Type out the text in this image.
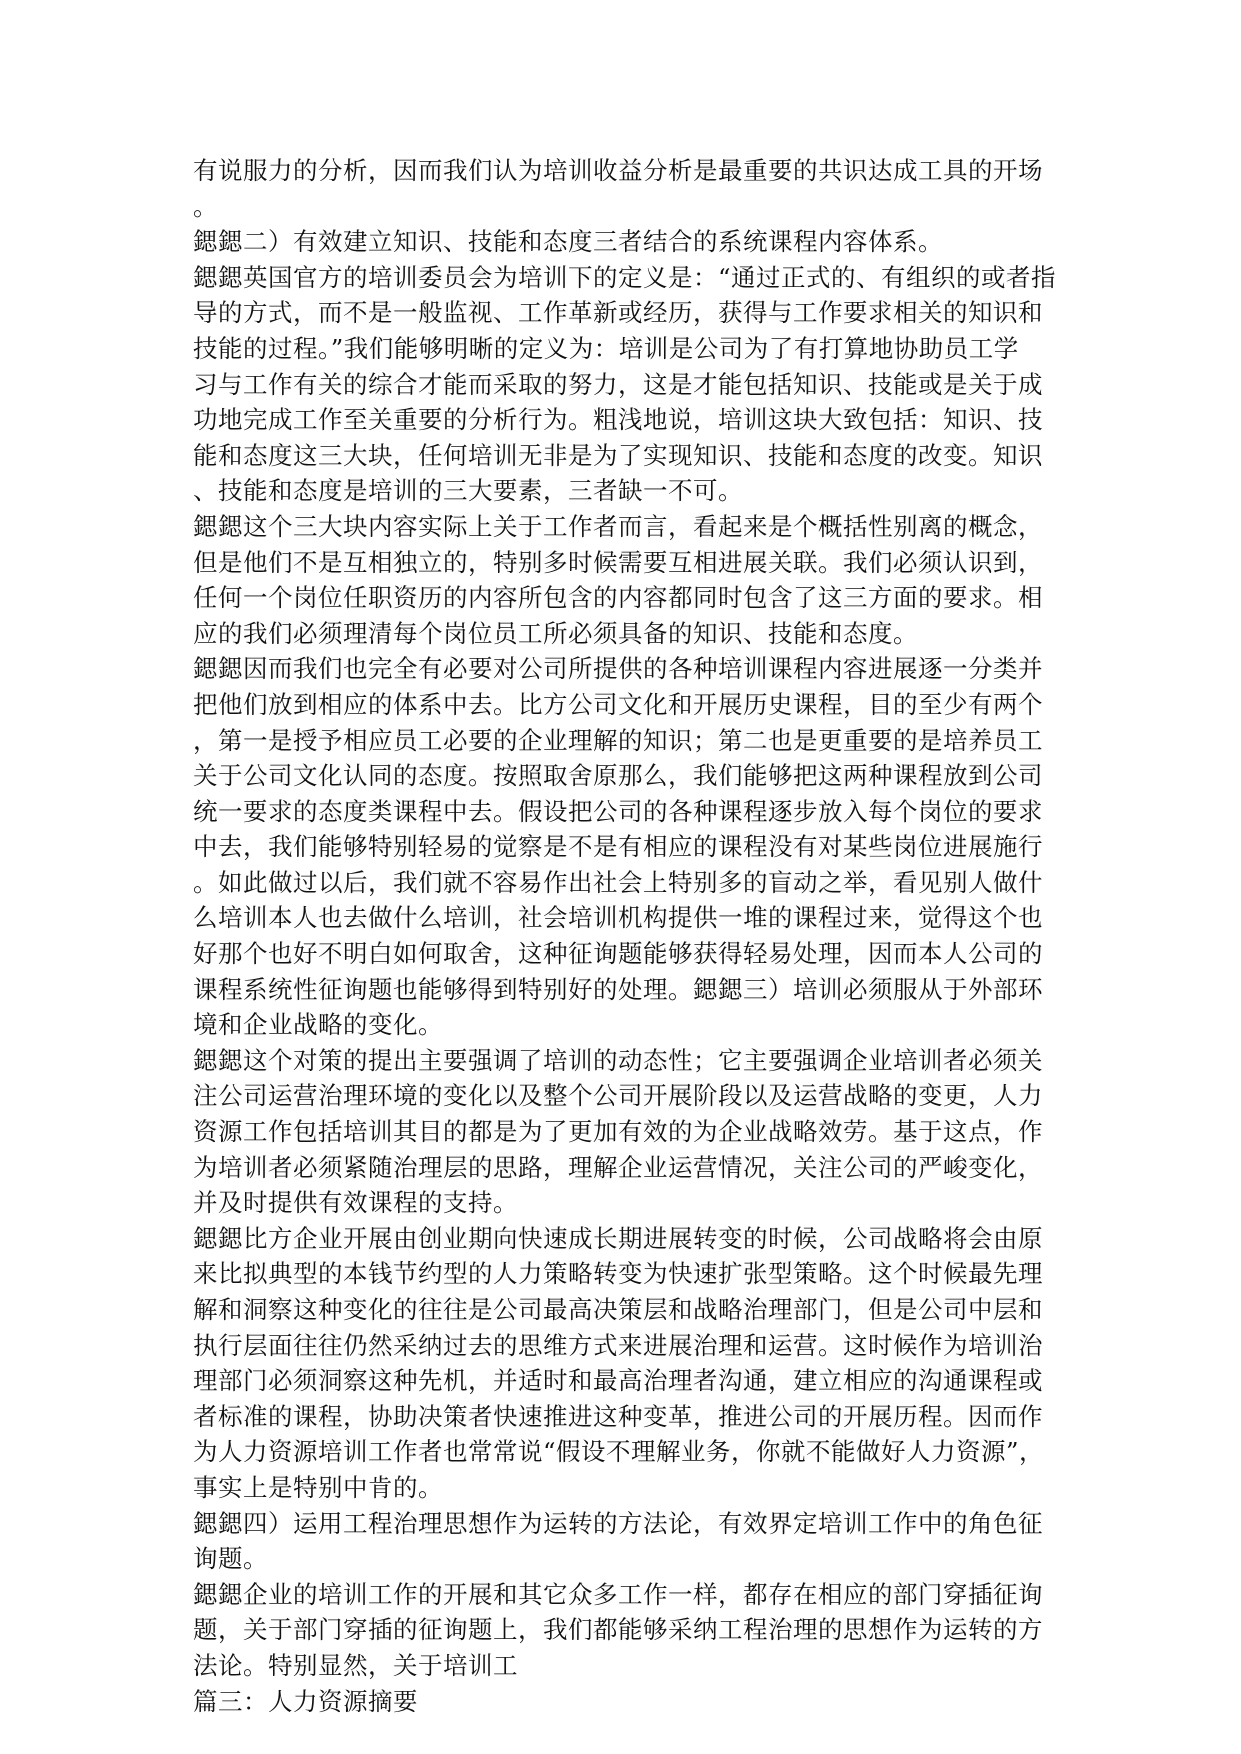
有说服力的分析，因而我们认为培训收益分析是最重要的共识达成工具的开场
。
鍶鍶二）有效建立知识、技能和态度三者结合的系统课程内容体系。
鍶鍶英国官方的培训委员会为培训下的定义是：“通过正式的、有组织的或者指
导的方式，而不是一般监视、工作革新或经历，获得与工作要求相关的知识和
技能的过程。”我们能够明晰的定义为：培训是公司为了有打算地协助员工学
习与工作有关的综合才能而采取的努力，这是才能包括知识、技能或是关于成
功地完成工作至关重要的分析行为。粗浅地说，培训这块大致包括：知识、技
能和态度这三大块，任何培训无非是为了实现知识、技能和态度的改变。知识
、技能和态度是培训的三大要素，三者缺一不可。
鍶鍶这个三大块内容实际上关于工作者而言，看起来是个概括性别离的概念，
但是他们不是互相独立的，特别多时候需要互相进展关联。我们必须认识到，
任何一个岗位任职资历的内容所包含的内容都同时包含了这三方面的要求。相
应的我们必须理清每个岗位员工所必须具备的知识、技能和态度。
鍶鍶因而我们也完全有必要对公司所提供的各种培训课程内容进展逐一分类并
把他们放到相应的体系中去。比方公司文化和开展历史课程，目的至少有两个
，第一是授予相应员工必要的企业理解的知识；第二也是更重要的是培养员工
关于公司文化认同的态度。按照取舍原那么，我们能够把这两种课程放到公司
统一要求的态度类课程中去。假设把公司的各种课程逐步放入每个岗位的要求
中去，我们能够特别轻易的觉察是不是有相应的课程没有对某些岗位进展施行
。如此做过以后，我们就不容易作出社会上特别多的盲动之举，看见别人做什
么培训本人也去做什么培训，社会培训机构提供一堆的课程过来，觉得这个也
好那个也好不明白如何取舍，这种征询题能够获得轻易处理，因而本人公司的
课程系统性征询题也能够得到特别好的处理。鍶鍶三）培训必须服从于外部环
境和企业战略的变化。
鍶鍶这个对策的提出主要强调了培训的动态性；它主要强调企业培训者必须关
注公司运营治理环境的变化以及整个公司开展阶段以及运营战略的变更，人力
资源工作包括培训其目的都是为了更加有效的为企业战略效劳。基于这点，作
为培训者必须紧随治理层的思路，理解企业运营情况，关注公司的严峻变化，
并及时提供有效课程的支持。
鍶鍶比方企业开展由创业期向快速成长期进展转变的时候，公司战略将会由原
来比拟典型的本钱节约型的人力策略转变为快速扩张型策略。这个时候最先理
解和洞察这种变化的往往是公司最高决策层和战略治理部门，但是公司中层和
执行层面往往仍然采纳过去的思维方式来进展治理和运营。这时候作为培训治
理部门必须洞察这种先机，并适时和最高治理者沟通，建立相应的沟通课程或
者标准的课程，协助决策者快速推进这种变革，推进公司的开展历程。因而作
为人力资源培训工作者也常常说“假设不理解业务，你就不能做好人力资源”，
事实上是特别中肯的。
鍶鍶四）运用工程治理思想作为运转的方法论，有效界定培训工作中的角色征
询题。
鍶鍶企业的培训工作的开展和其它众多工作一样，都存在相应的部门穿插征询
题，关于部门穿插的征询题上，我们都能够采纳工程治理的思想作为运转的方
法论。特别显然，关于培训工
篇三：人力资源摘要
